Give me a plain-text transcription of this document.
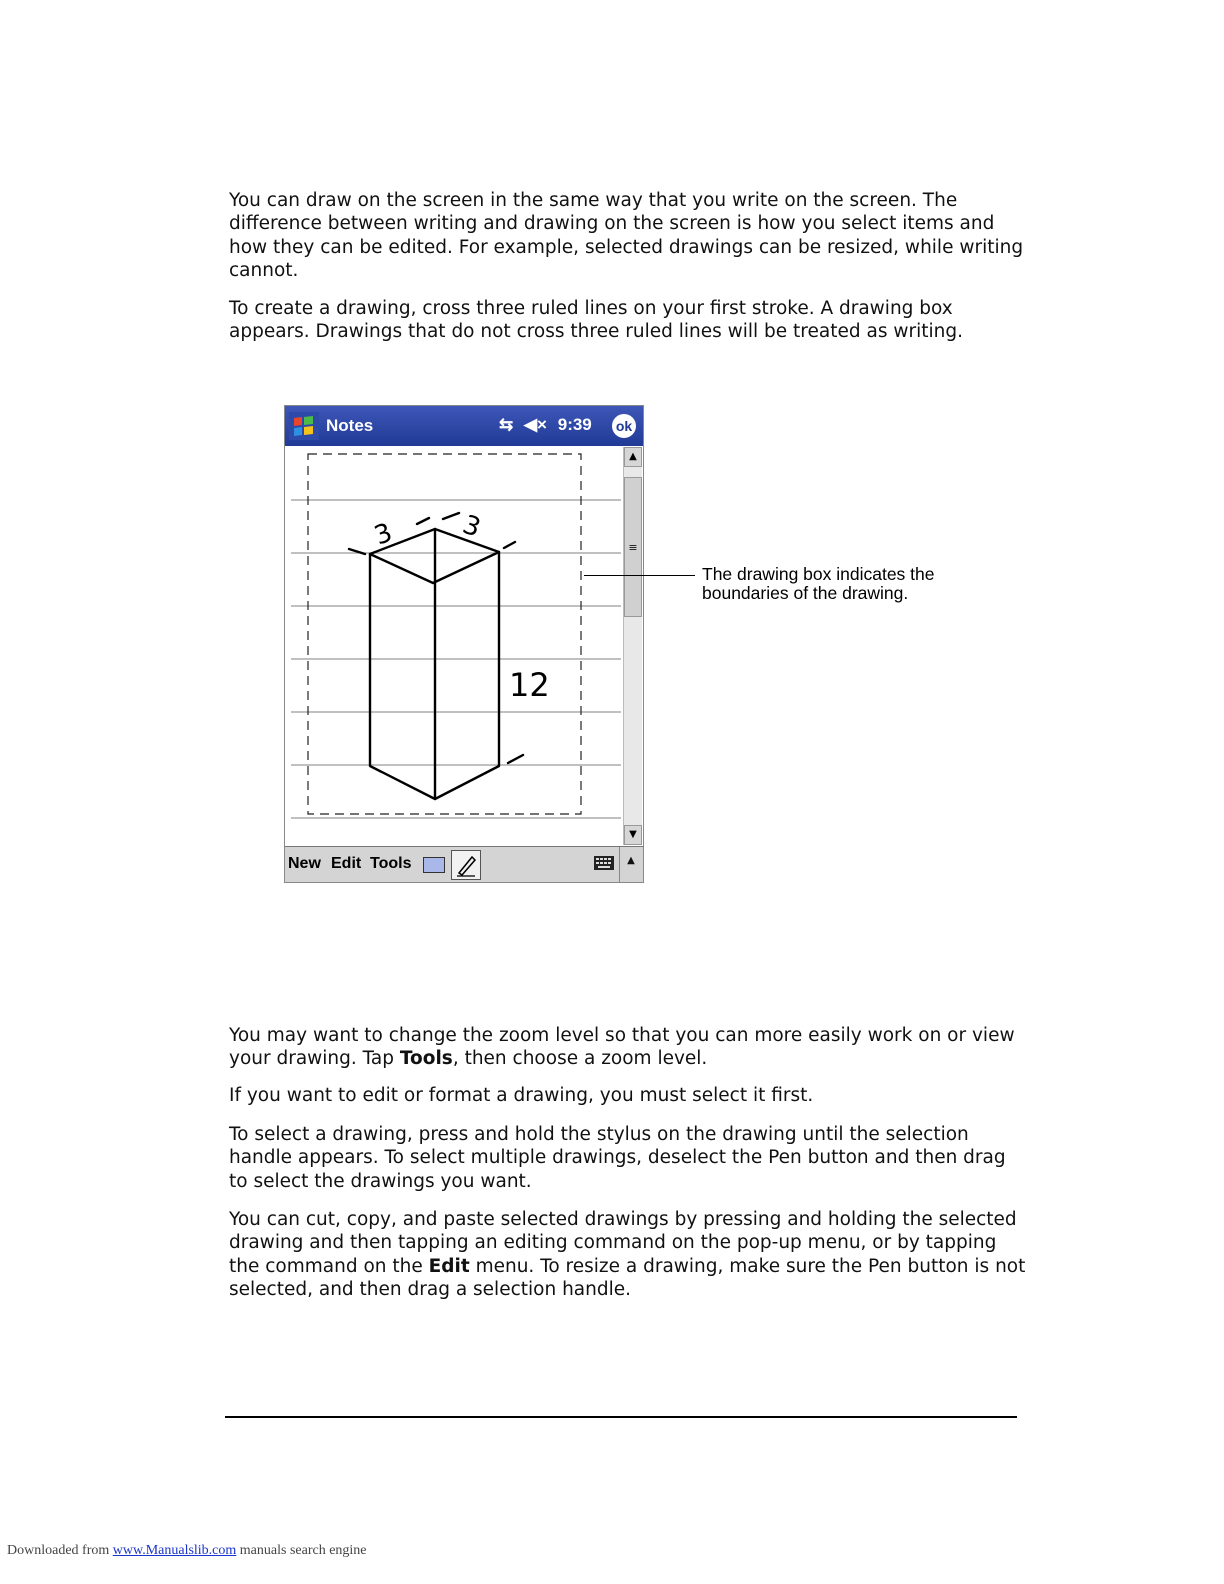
You can draw on the screen in the same way that you write on the screen. The difference between writing and drawing on the screen is how you select items and how they can be edited. For example, selected drawings can be resized, while writing cannot.

To create a drawing, cross three ruled lines on your first stroke. A drawing box appears. Drawings that do not cross three ruled lines will be treated as writing.

Notes	⇆ ◀× 9:39	ok
3 3
12
▲
≡
▼
New Edit Tools	▲
The drawing box indicates the
boundaries of the drawing.

You may want to change the zoom level so that you can more easily work on or view your drawing. Tap Tools, then choose a zoom level.

If you want to edit or format a drawing, you must select it first.

To select a drawing, press and hold the stylus on the drawing until the selection handle appears. To select multiple drawings, deselect the Pen button and then drag to select the drawings you want.

You can cut, copy, and paste selected drawings by pressing and holding the selected drawing and then tapping an editing command on the pop-up menu, or by tapping the command on the Edit menu. To resize a drawing, make sure the Pen button is not selected, and then drag a selection handle.

Downloaded from www.Manualslib.com manuals search engine
